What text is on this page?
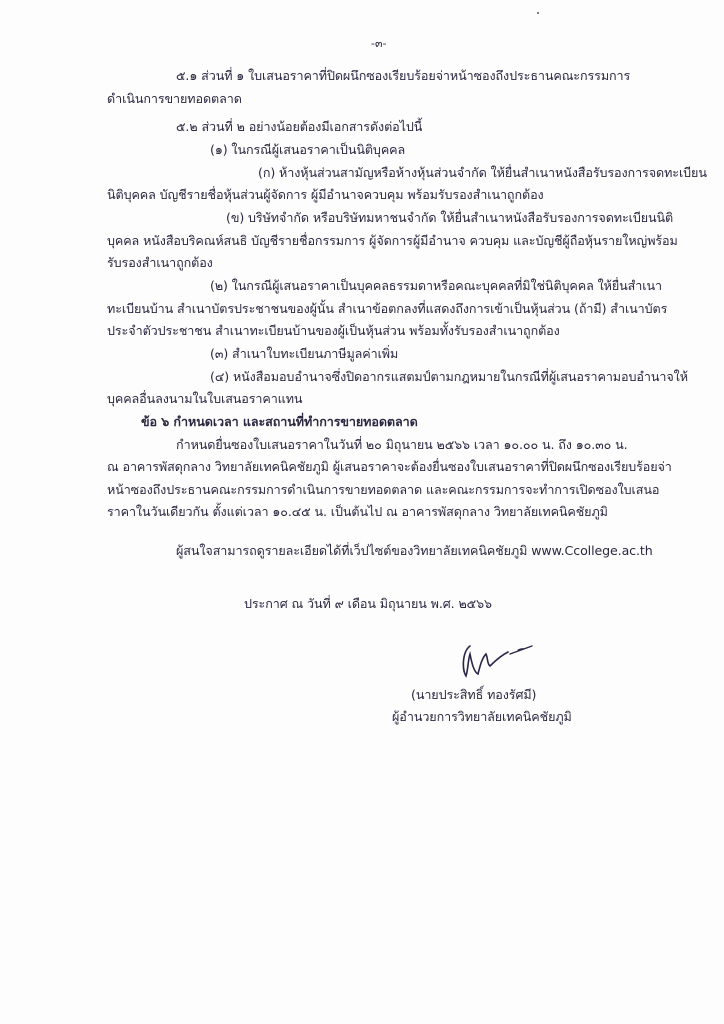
-๓-
๕.๑ ส่วนที่ ๑ ใบเสนอราคาที่ปิดผนึกซองเรียบร้อยจ่าหน้าซองถึงประธานคณะกรรมการ
ดำเนินการขายทอดตลาด
๕.๒ ส่วนที่ ๒ อย่างน้อยต้องมีเอกสารดังต่อไปนี้
(๑) ในกรณีผู้เสนอราคาเป็นนิติบุคคล
(ก) ห้างหุ้นส่วนสามัญหรือห้างหุ้นส่วนจำกัด ให้ยื่นสำเนาหนังสือรับรองการจดทะเบียน
นิติบุคคล บัญชีรายชื่อหุ้นส่วนผู้จัดการ ผู้มีอำนาจควบคุม พร้อมรับรองสำเนาถูกต้อง
(ข) บริษัทจำกัด หรือบริษัทมหาชนจำกัด ให้ยื่นสำเนาหนังสือรับรองการจดทะเบียนนิติ
บุคคล หนังสือบริคณห์สนธิ บัญชีรายชื่อกรรมการ ผู้จัดการผู้มีอำนาจ ควบคุม และบัญชีผู้ถือหุ้นรายใหญ่พร้อม
รับรองสำเนาถูกต้อง
(๒) ในกรณีผู้เสนอราคาเป็นบุคคลธรรมดาหรือคณะบุคคลที่มิใช่นิติบุคคล ให้ยื่นสำเนา
ทะเบียนบ้าน สำเนาบัตรประชาชนของผู้นั้น สำเนาข้อตกลงที่แสดงถึงการเข้าเป็นหุ้นส่วน (ถ้ามี) สำเนาบัตร
ประจำตัวประชาชน สำเนาทะเบียนบ้านของผู้เป็นหุ้นส่วน พร้อมทั้งรับรองสำเนาถูกต้อง
(๓) สำเนาใบทะเบียนภาษีมูลค่าเพิ่ม
(๔) หนังสือมอบอำนาจซึ่งปิดอากรแสตมป์ตามกฎหมายในกรณีที่ผู้เสนอราคามอบอำนาจให้
บุคคลอื่นลงนามในใบเสนอราคาแทน
ข้อ ๖ กำหนดเวลา และสถานที่ทำการขายทอดตลาด
กำหนดยื่นซองใบเสนอราคาในวันที่ ๒๐ มิถุนายน ๒๕๖๖ เวลา ๑๐.๐๐ น. ถึง ๑๐.๓๐ น.
ณ อาคารพัสดุกลาง วิทยาลัยเทคนิคชัยภูมิ ผู้เสนอราคาจะต้องยื่นซองใบเสนอราคาที่ปิดผนึกซองเรียบร้อยจ่า
หน้าซองถึงประธานคณะกรรมการดำเนินการขายทอดตลาด และคณะกรรมการจะทำการเปิดซองใบเสนอ
ราคาในวันเดียวกัน ตั้งแต่เวลา ๑๐.๔๕ น. เป็นต้นไป ณ อาคารพัสดุกลาง วิทยาลัยเทคนิคชัยภูมิ
ผู้สนใจสามารถดูรายละเอียดได้ที่เว็ปไซต์ของวิทยาลัยเทคนิคชัยภูมิ www.Ccollege.ac.th
ประกาศ ณ วันที่ ๙ เดือน มิถุนายน พ.ศ. ๒๕๖๖
(นายประสิทธิ์ ทองรัศมี)
ผู้อำนวยการวิทยาลัยเทคนิคชัยภูมิ
